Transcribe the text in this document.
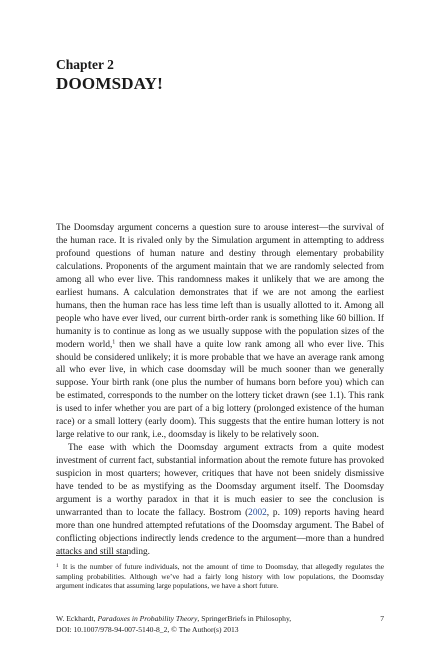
Chapter 2
DOOMSDAY!

The Doomsday argument concerns a question sure to arouse interest—the survival of the human race. It is rivaled only by the Simulation argument in attempting to address profound questions of human nature and destiny through elementary probability calculations. Proponents of the argument maintain that we are randomly selected from among all who ever live. This randomness makes it unlikely that we are among the earliest humans. A calculation demonstrates that if we are not among the earliest humans, then the human race has less time left than is usually allotted to it. Among all people who have ever lived, our current birth-order rank is something like 60 billion. If humanity is to continue as long as we usually suppose with the population sizes of the modern world,$^1$ then we shall have a quite low rank among all who ever live. This should be considered unlikely; it is more probable that we have an average rank among all who ever live, in which case doomsday will be much sooner than we generally suppose. Your birth rank (one plus the number of humans born before you) which can be estimated, corresponds to the number on the lottery ticket drawn (see 1.1). This rank is used to infer whether you are part of a big lottery (prolonged existence of the human race) or a small lottery (early doom). This suggests that the entire human lottery is not large relative to our rank, i.e., doomsday is likely to be relatively soon.

The ease with which the Doomsday argument extracts from a quite modest investment of current fact, substantial information about the remote future has provoked suspicion in most quarters; however, critiques that have not been snidely dismissive have tended to be as mystifying as the Doomsday argument itself. The Doomsday argument is a worthy paradox in that it is much easier to see the conclusion is unwarranted than to locate the fallacy. Bostrom (2002, p. 109) reports having heard more than one hundred attempted refutations of the Doomsday argument. The Babel of conflicting objections indirectly lends credence to the argument—more than a hundred attacks and still standing.

$^1$ It is the number of future individuals, not the amount of time to Doomsday, that allegedly regulates the sampling probabilities. Although we’ve had a fairly long history with low populations, the Doomsday argument indicates that assuming large populations, we have a short future.
W. Eckhardt, Paradoxes in Probability Theory, SpringerBriefs in Philosophy,	7
DOI: 10.1007/978-94-007-5140-8_2, © The Author(s) 2013
